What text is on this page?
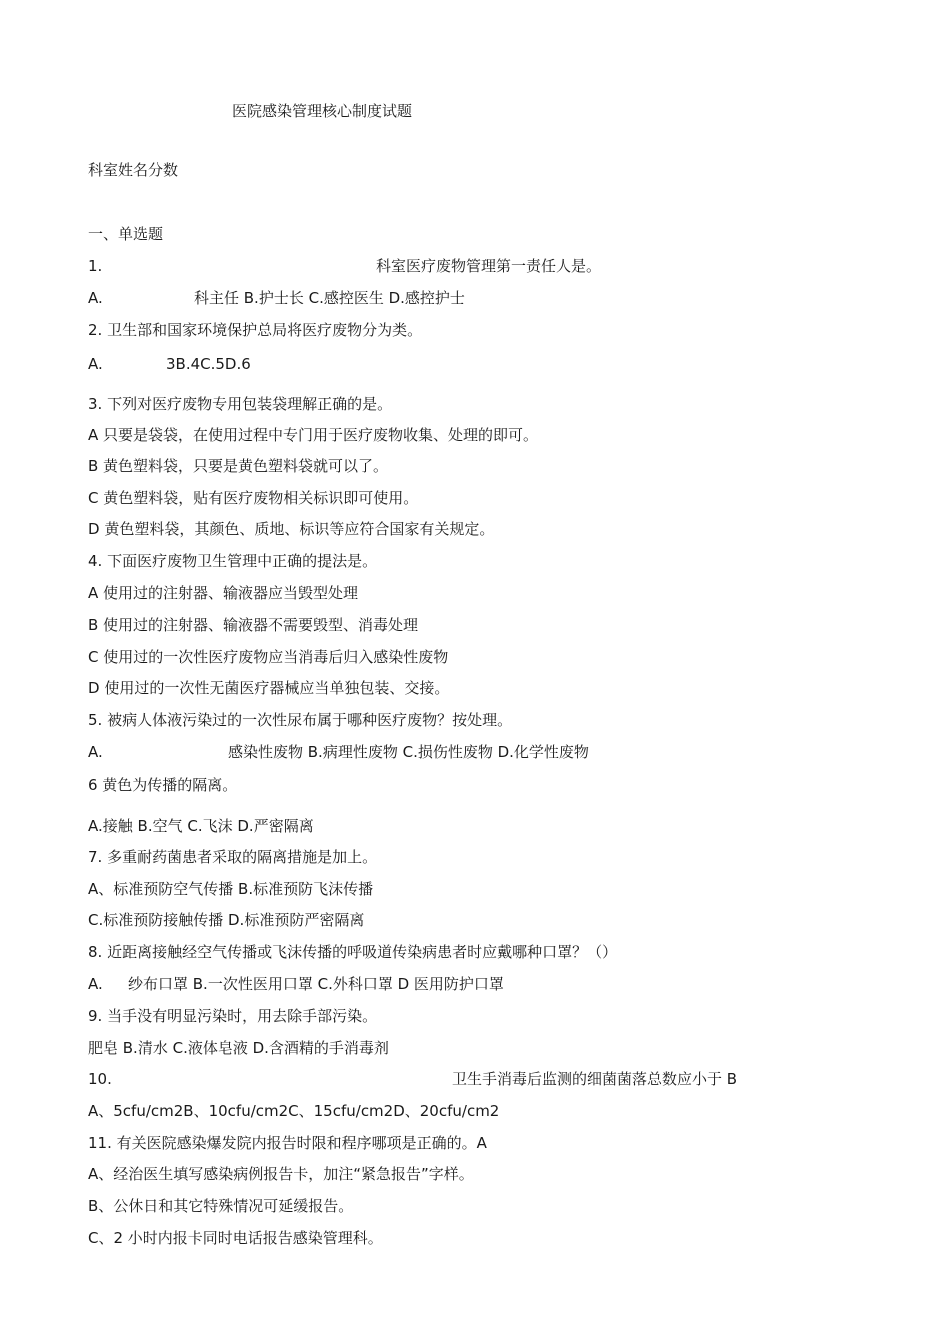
医院感染管理核心制度试题
科室姓名分数
一、单选题
1.	科室医疗废物管理第一责任人是。
A.	科主任 B.护士长 C.感控医生 D.感控护士
2. 卫生部和国家环境保护总局将医疗废物分为类。
A.	3B.4C.5D.6
3. 下列对医疗废物专用包装袋理解正确的是。
A 只要是袋袋，在使用过程中专门用于医疗废物收集、处理的即可。
B 黄色塑料袋，只要是黄色塑料袋就可以了。
C 黄色塑料袋，贴有医疗废物相关标识即可使用。
D 黄色塑料袋，其颜色、质地、标识等应符合国家有关规定。
4. 下面医疗废物卫生管理中正确的提法是。
A 使用过的注射器、输液器应当毁型处理
B 使用过的注射器、输液器不需要毁型、消毒处理
C 使用过的一次性医疗废物应当消毒后归入感染性废物
D 使用过的一次性无菌医疗器械应当单独包装、交接。
5. 被病人体液污染过的一次性尿布属于哪种医疗废物？按处理。
A.	感染性废物 B.病理性废物 C.损伤性废物 D.化学性废物
6 黄色为传播的隔离。
A.接触 B.空气 C.飞沫 D.严密隔离
7. 多重耐药菌患者采取的隔离措施是加上。
A、标准预防空气传播 B.标准预防飞沫传播
C.标准预防接触传播 D.标准预防严密隔离
8. 近距离接触经空气传播或飞沫传播的呼吸道传染病患者时应戴哪种口罩？（）
A. 纱布口罩 B.一次性医用口罩 C.外科口罩 D 医用防护口罩
9. 当手没有明显污染时，用去除手部污染。
肥皂 B.清水 C.液体皂液 D.含酒精的手消毒剂
10.	卫生手消毒后监测的细菌菌落总数应小于 B
A、5cfu/cm2B、10cfu/cm2C、15cfu/cm2D、20cfu/cm2
11. 有关医院感染爆发院内报告时限和程序哪项是正确的。A
A、经治医生填写感染病例报告卡，加注“紧急报告”字样。
B、公休日和其它特殊情况可延缓报告。
C、2 小时内报卡同时电话报告感染管理科。
